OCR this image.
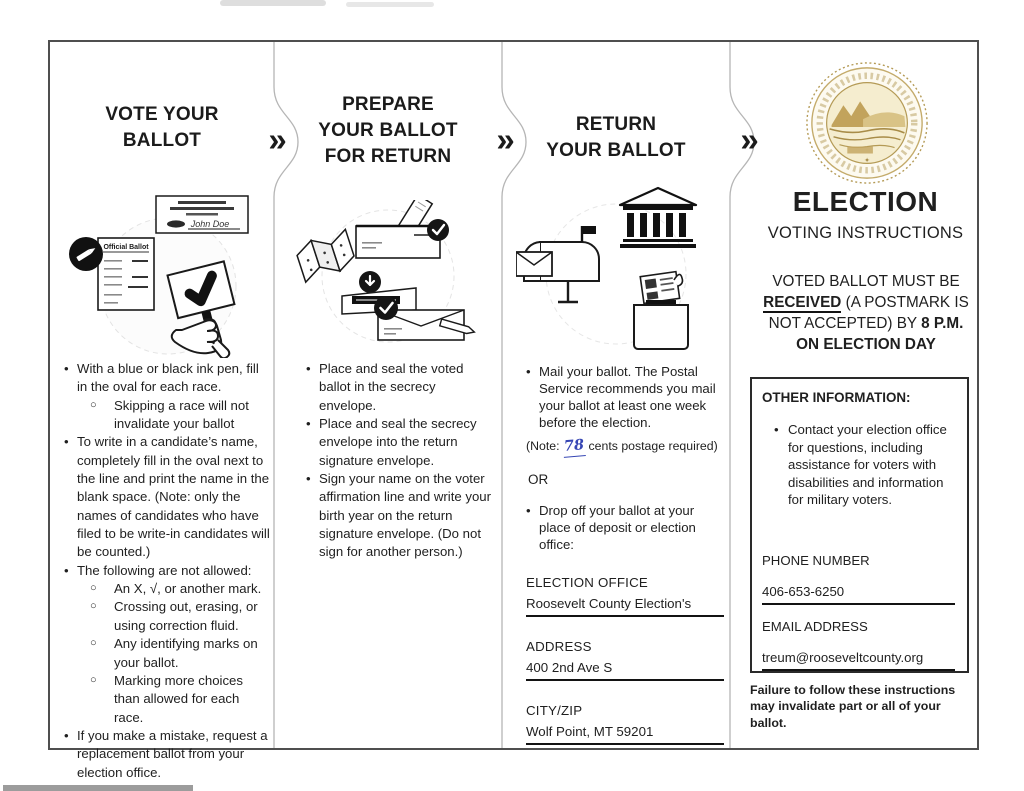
»	»	»
VOTE YOUR
BALLOT
John Doe
Official Ballot
• With a blue or black ink pen, fill in the oval for each race.
○ Skipping a race will not invalidate your ballot
• To write in a candidate’s name, completely fill in the oval next to the line and print the name in the blank space. (Note: only the names of candidates who have filed to be write-in candidates will be counted.)
• The following are not allowed:
○ An X, √, or another mark.
○ Crossing out, erasing, or using correction fluid.
○ Any identifying marks on your ballot.
○ Marking more choices than allowed for each race.
• If you make a mistake, request a replacement ballot from your election office.
PREPARE
YOUR BALLOT
FOR RETURN
• Place and seal the voted ballot in the secrecy envelope.
• Place and seal the secrecy envelope into the return signature envelope.
• Sign your name on the voter affirmation line and write your birth year on the return signature envelope. (Do not sign for another person.)
RETURN
YOUR BALLOT
• Mail your ballot. The Postal Service recommends you mail your ballot at least one week before the election.

(Note: 78 cents postage required)

OR
• Drop off your ballot at your place of deposit or election office:
ELECTION OFFICE
Roosevelt County Election's
ADDRESS
400 2nd Ave S
CITY/ZIP
Wolf Point, MT 59201
✦
ELECTION
VOTING INSTRUCTIONS

VOTED BALLOT MUST BE RECEIVED (A POSTMARK IS NOT ACCEPTED) BY 8 P.M. ON ELECTION DAY

OTHER INFORMATION:
• Contact your election office for questions, including assistance for voters with disabilities and information for military voters.
PHONE NUMBER
406-653-6250
EMAIL ADDRESS
treum@rooseveltcounty.org
Failure to follow these instructions may invalidate part or all of your ballot.
